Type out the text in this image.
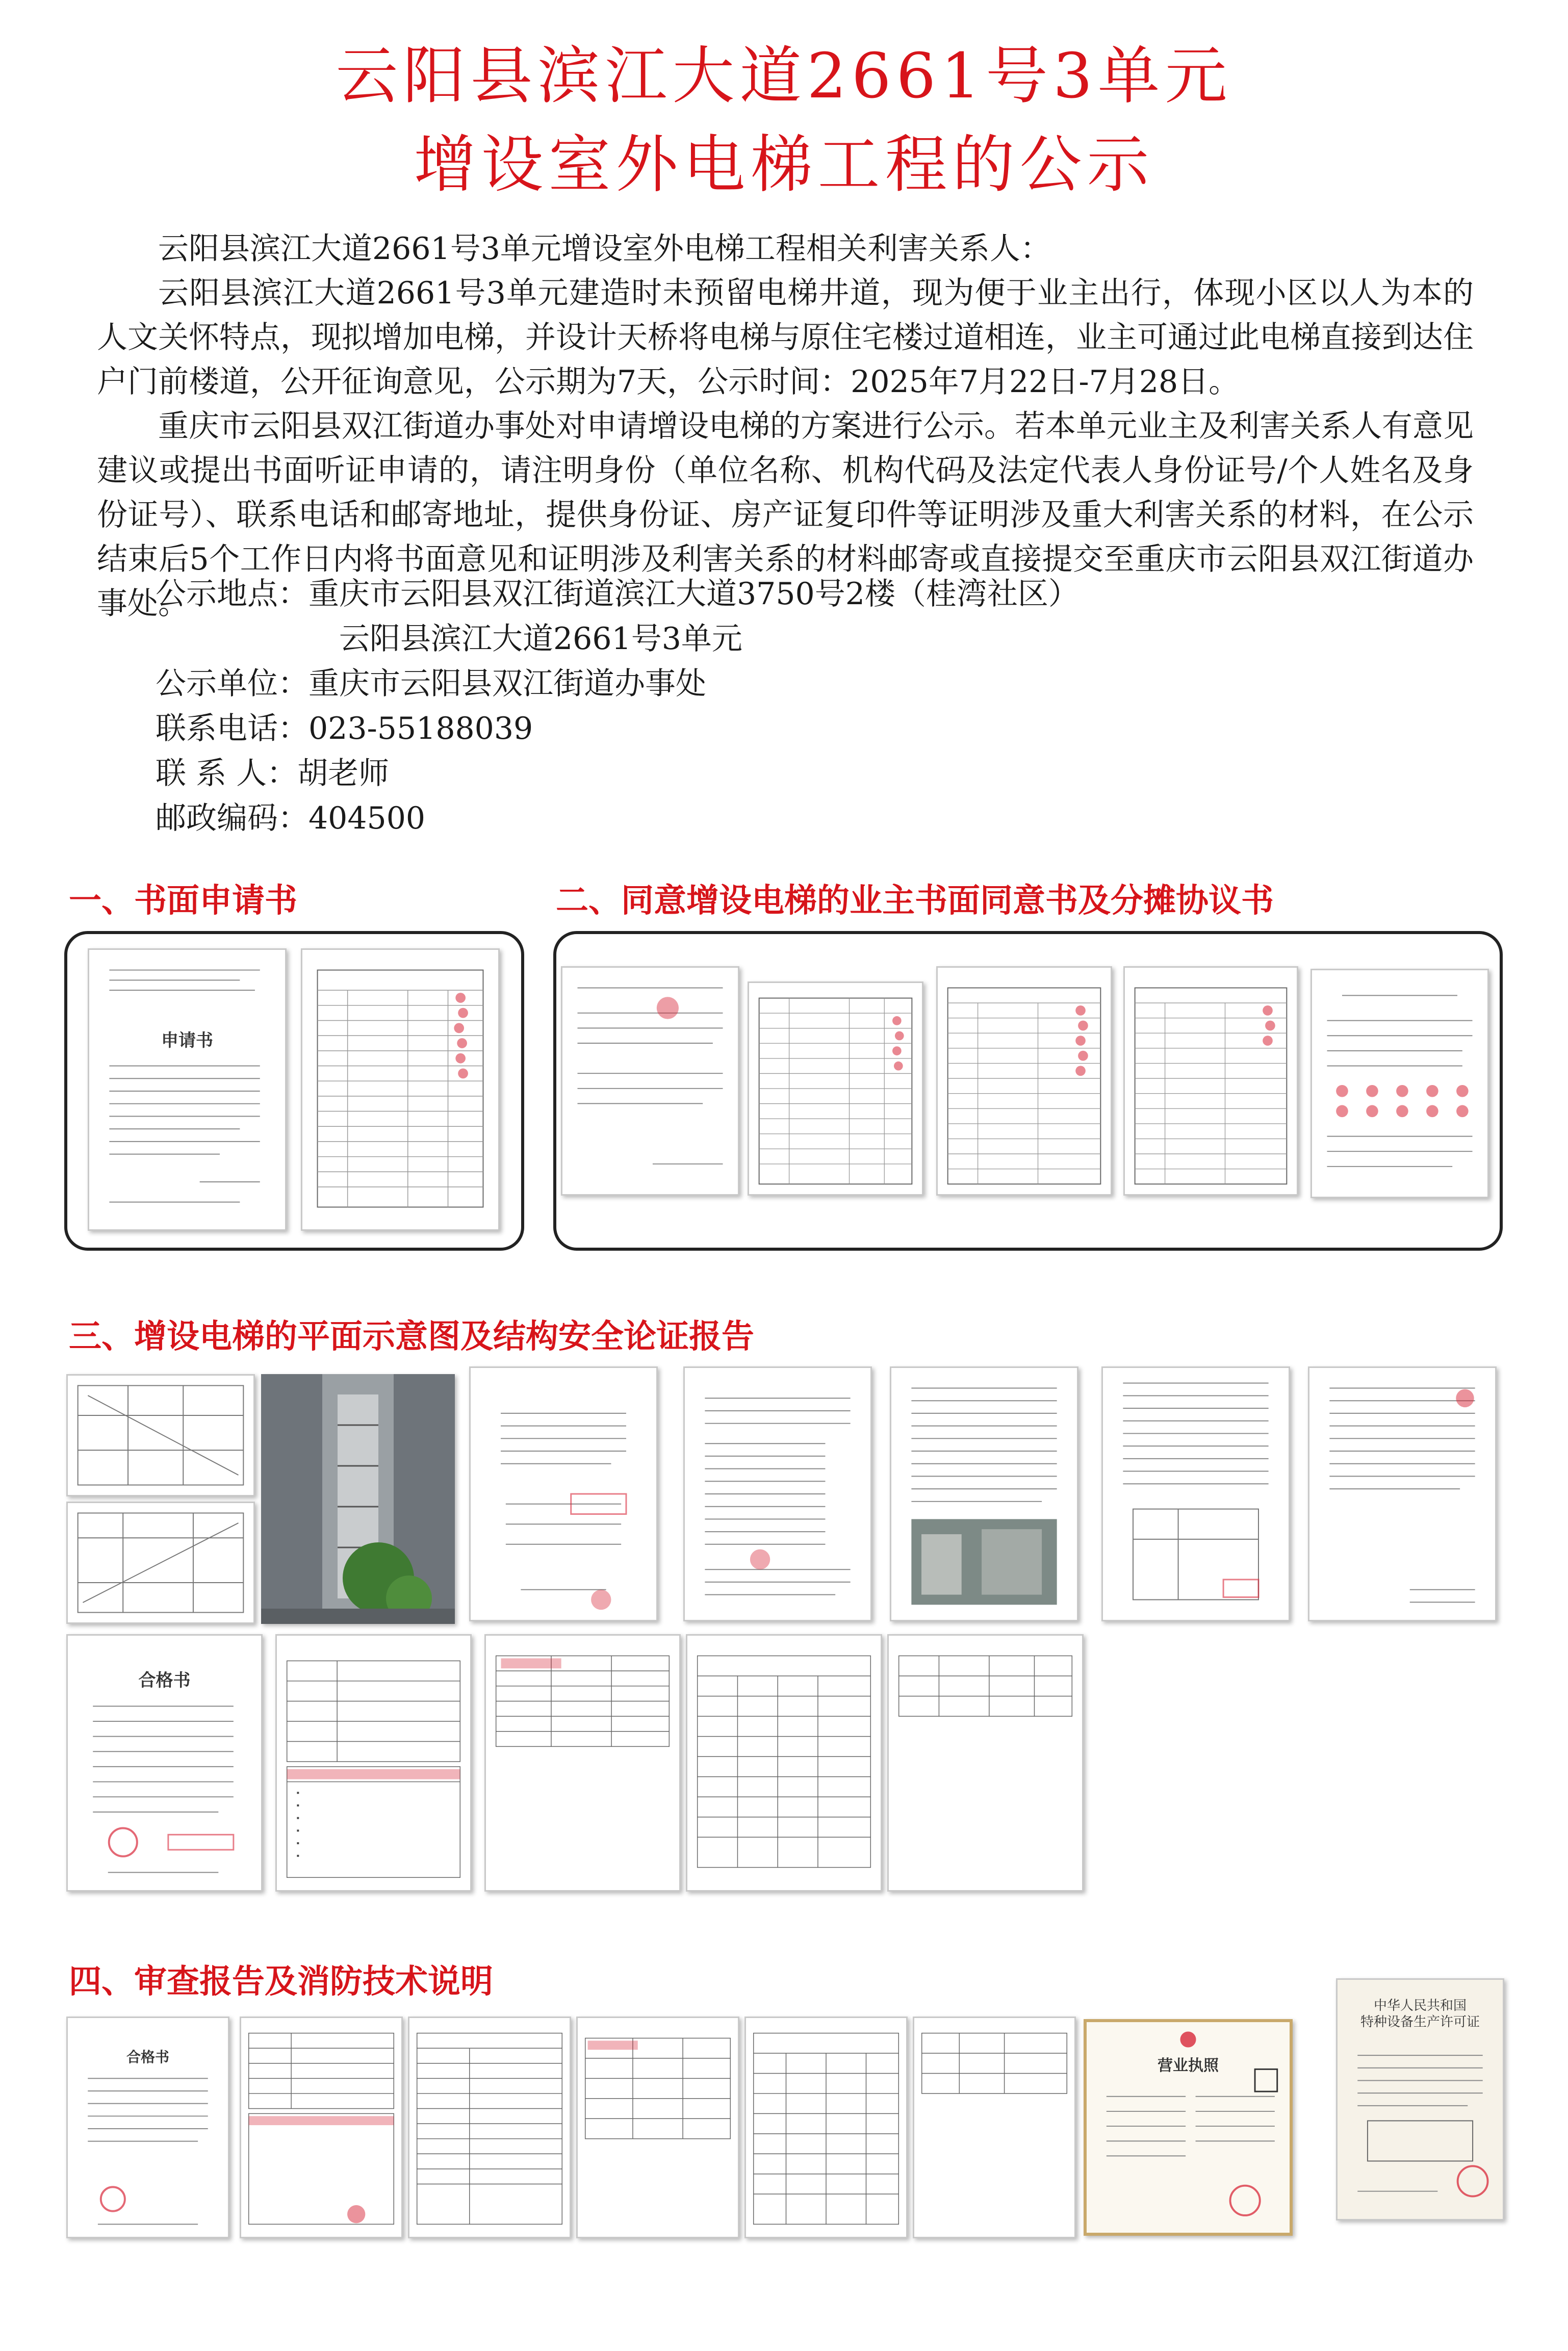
云阳县滨江大道2661号3单元
增设室外电梯工程的公示

云阳县滨江大道2661号3单元增设室外电梯工程相关利害关系人：

云阳县滨江大道2661号3单元建造时未预留电梯井道，现为便于业主出行，体现小区以人为本的人文关怀特点，现拟增加电梯，并设计天桥将电梯与原住宅楼过道相连，业主可通过此电梯直接到达住户门前楼道，公开征询意见，公示期为7天，公示时间：2025年7月22日-7月28日。

重庆市云阳县双江街道办事处对申请增设电梯的方案进行公示。若本单元业主及利害关系人有意见建议或提出书面听证申请的，请注明身份（单位名称、机构代码及法定代表人身份证号/个人姓名及身份证号）、联系电话和邮寄地址，提供身份证、房产证复印件等证明涉及重大利害关系的材料，在公示结束后5个工作日内将书面意见和证明涉及利害关系的材料邮寄或直接提交至重庆市云阳县双江街道办事处。

公示地点：重庆市云阳县双江街道滨江大道3750号2楼（桂湾社区）
云阳县滨江大道2661号3单元
公示单位：重庆市云阳县双江街道办事处
联系电话：023-55188039
联 系 人：胡老师
邮政编码：404500
一、书面申请书	二、同意增设电梯的业主书面同意书及分摊协议书
三、增设电梯的平面示意图及结构安全论证报告
四、审查报告及消防技术说明
申请书
合格书
合格书	营业执照
中华人民共和国
特种设备生产许可证
